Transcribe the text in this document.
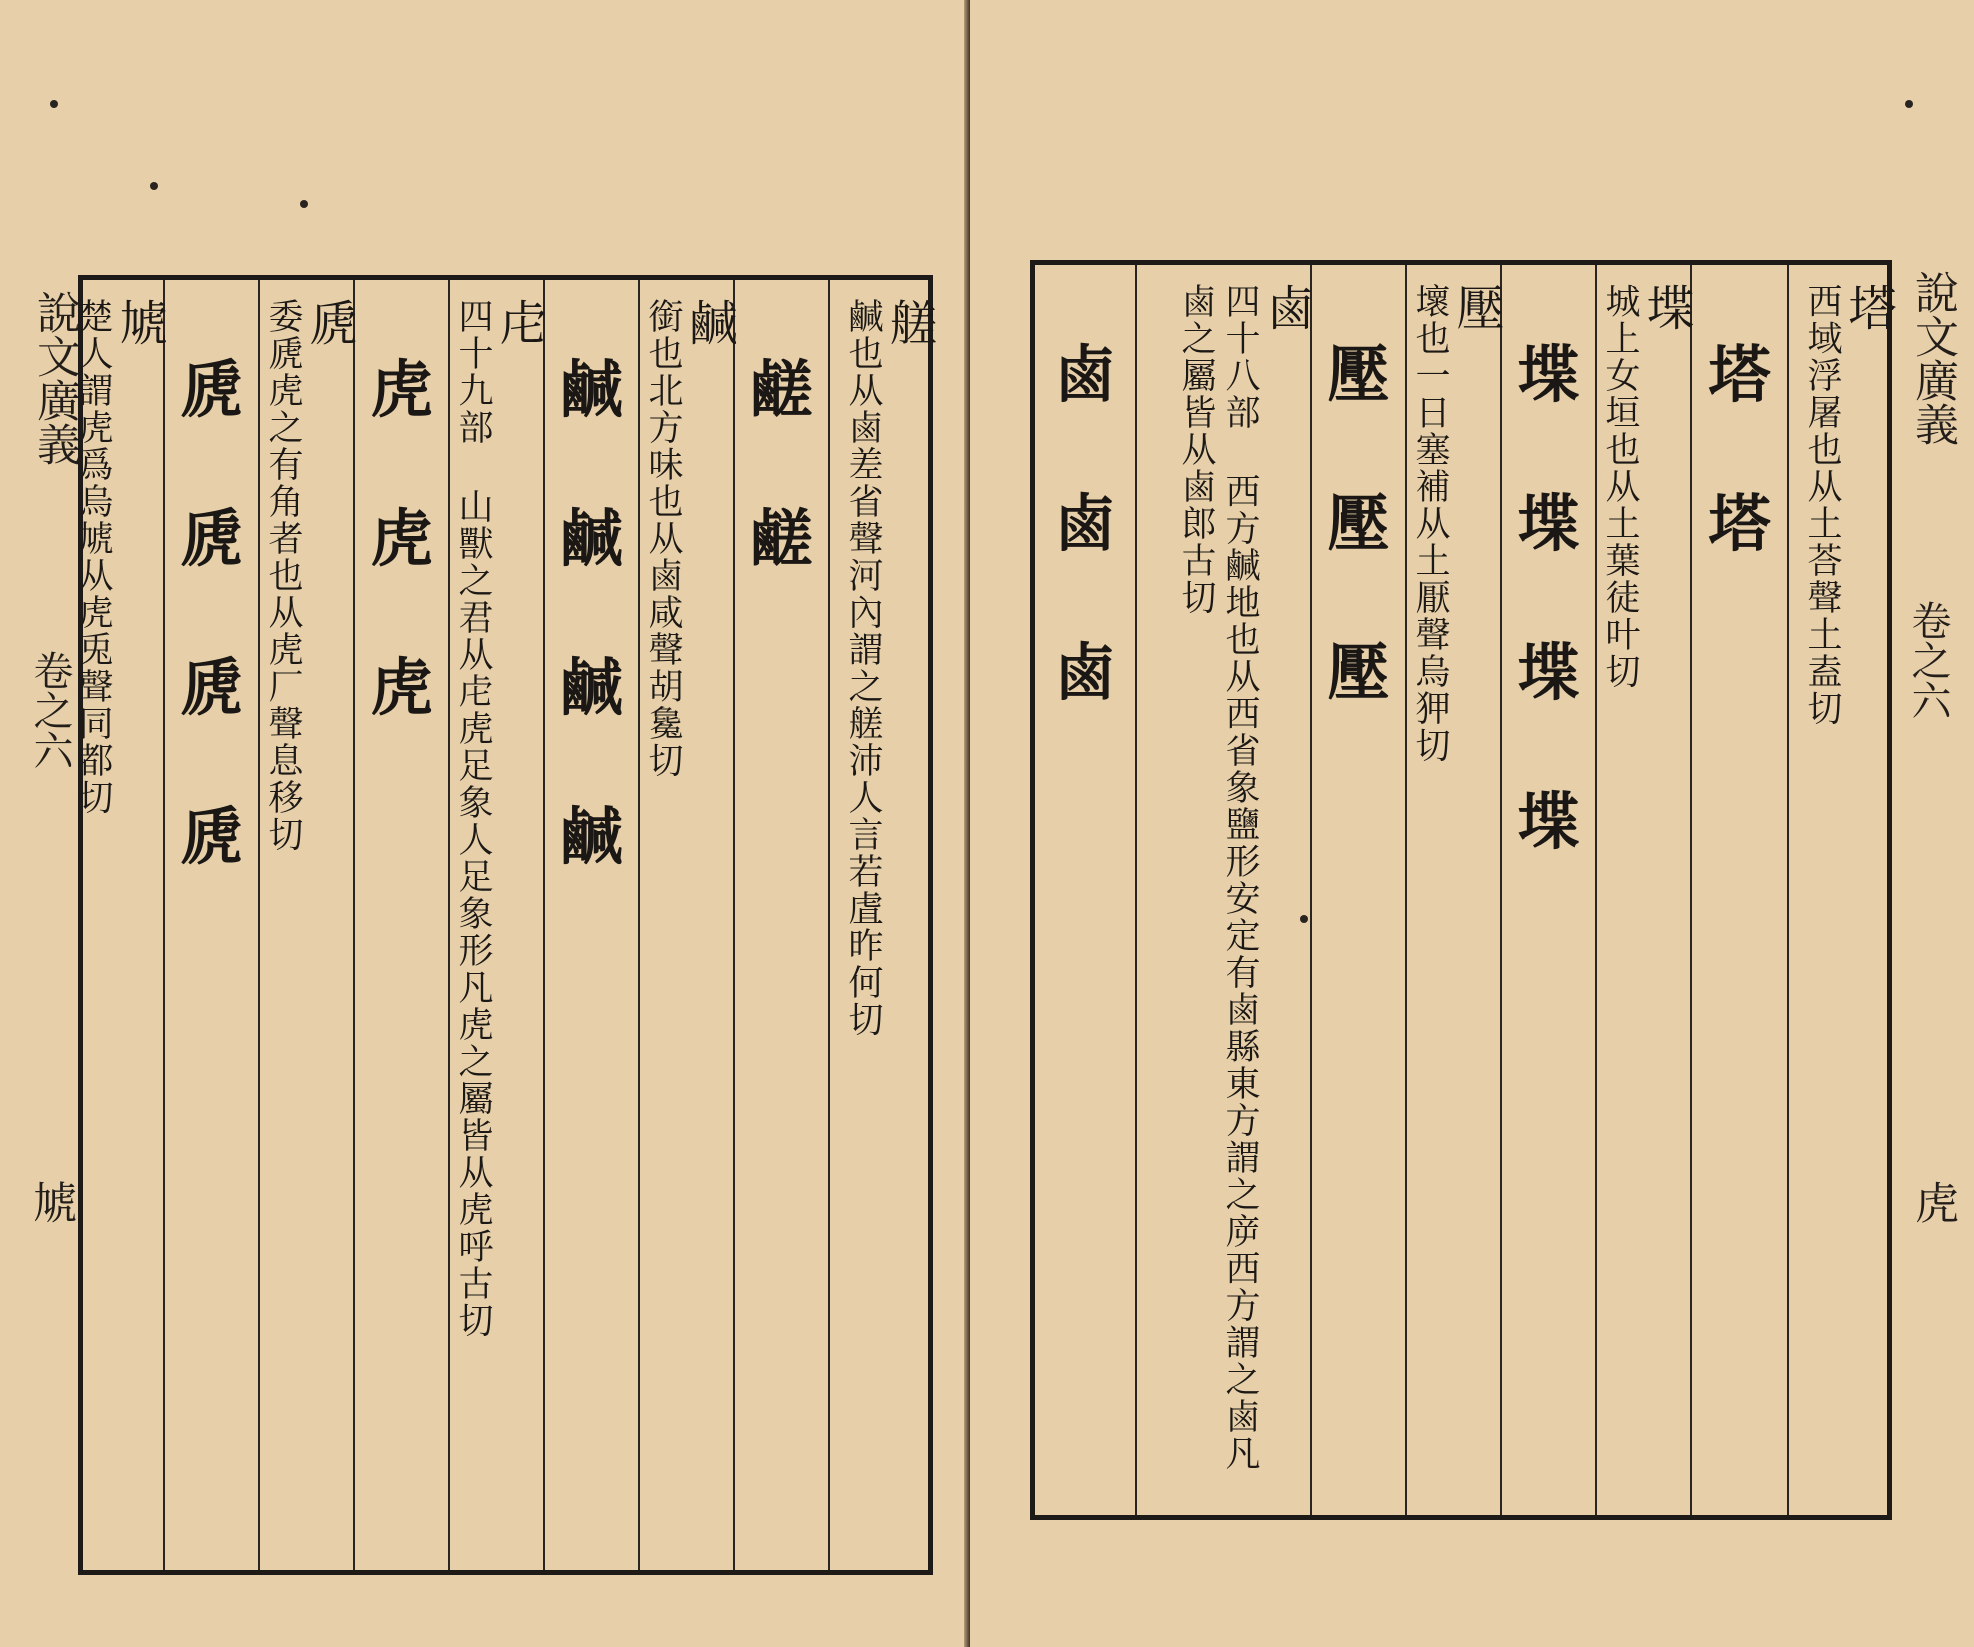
說文廣義
卷之六
虓
艖
鹹也从鹵差省聲河內謂之艖沛人言若虘昨何切
鹺
鹺
鹹
銜也北方味也从鹵咸聲胡毚切
鹹
鹹
鹹
鹹
虍
四十九部 山獸之君从虍虎足象人足象形凡虎之屬皆从虎呼古切
虎
虎
虎
虒
委虒虎之有角者也从虎厂聲息移切
虒
虒
虒
虒
虓
楚人謂虎爲烏虓从虎兎聲同都切	說文廣義
卷之六
虎
塔
西域浮屠也从土荅聲土盍切
塔
塔
堞
城上女垣也从土葉徒叶切
堞
堞
堞
堞
壓
壞也一日塞補从土厭聲烏狎切
壓
壓
壓
鹵
四十八部 西方鹹地也从西省象鹽形安定有鹵縣東方謂之㡿西方謂之鹵凡鹵之屬皆从鹵郎古切
鹵
鹵
鹵
